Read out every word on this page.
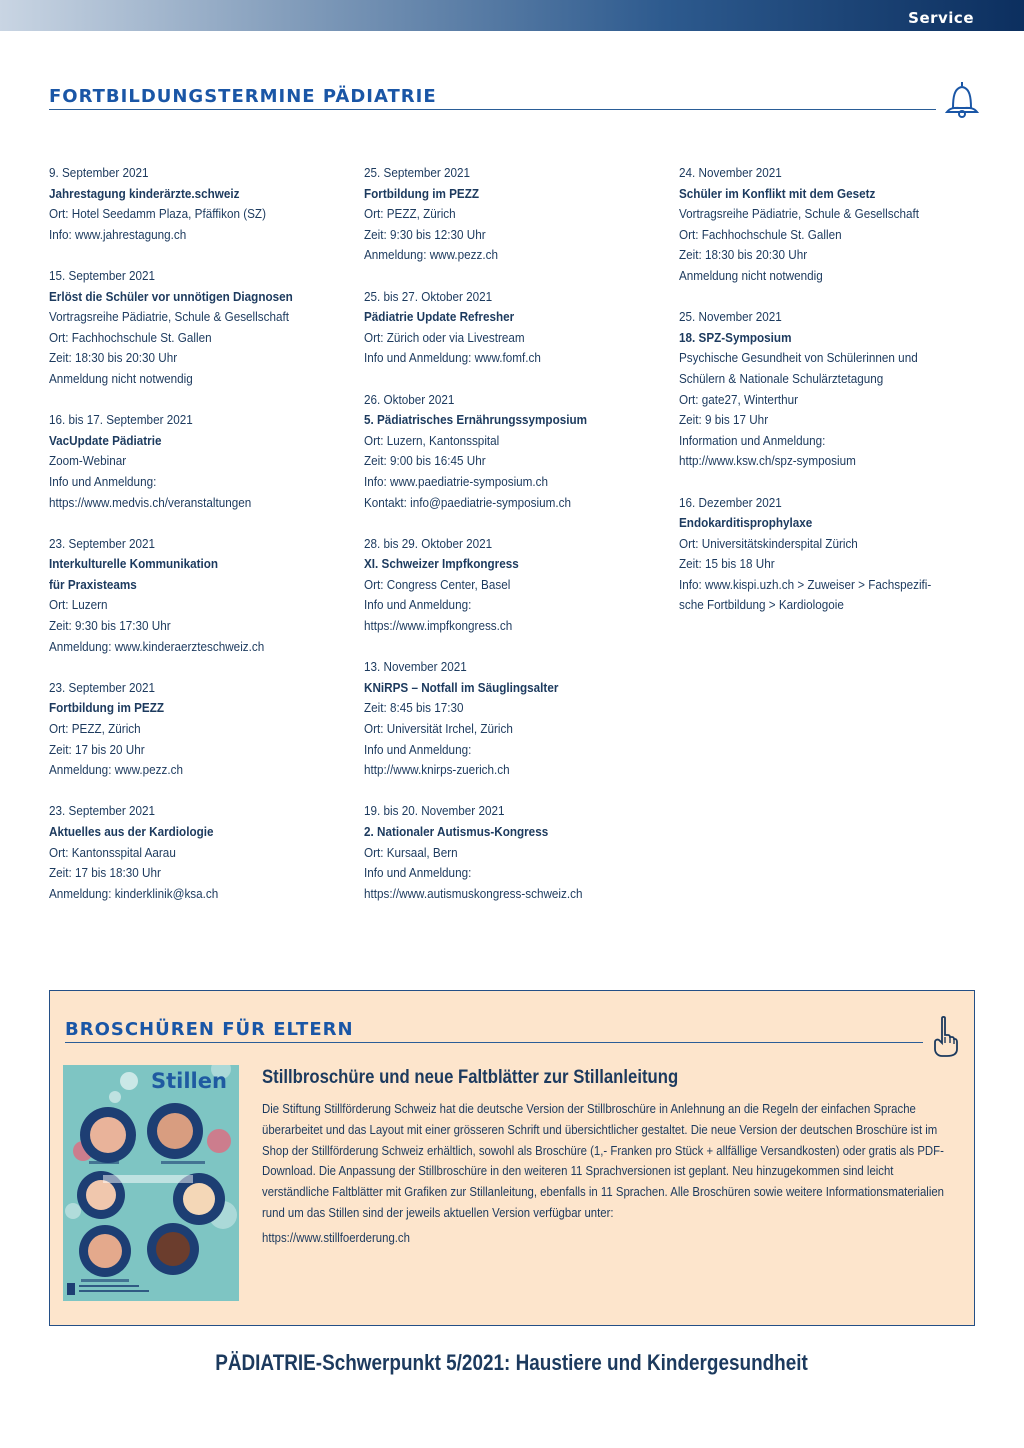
Service
FORTBILDUNGSTERMINE PÄDIATRIE
9. September 2021
Jahrestagung kinderärzte.schweiz
Ort: Hotel Seedamm Plaza, Pfäffikon (SZ)
Info: www.jahrestagung.ch
15. September 2021
Erlöst die Schüler vor unnötigen Diagnosen
Vortragsreihe Pädiatrie, Schule & Gesellschaft
Ort: Fachhochschule St. Gallen
Zeit: 18:30 bis 20:30 Uhr
Anmeldung nicht notwendig
16. bis 17. September 2021
VacUpdate Pädiatrie
Zoom-Webinar
Info und Anmeldung:
https://www.medvis.ch/veranstaltungen
23. September 2021
Interkulturelle Kommunikation
für Praxisteams
Ort: Luzern
Zeit: 9:30 bis 17:30 Uhr
Anmeldung: www.kinderaerzteschweiz.ch
23. September 2021
Fortbildung im PEZZ
Ort: PEZZ, Zürich
Zeit: 17 bis 20 Uhr
Anmeldung: www.pezz.ch
23. September 2021
Aktuelles aus der Kardiologie
Ort: Kantonsspital Aarau
Zeit: 17 bis 18:30 Uhr
Anmeldung: kinderklinik@ksa.ch
25. September 2021
Fortbildung im PEZZ
Ort: PEZZ, Zürich
Zeit: 9:30 bis 12:30 Uhr
Anmeldung: www.pezz.ch
25. bis 27. Oktober 2021
Pädiatrie Update Refresher
Ort: Zürich oder via Livestream
Info und Anmeldung: www.fomf.ch
26. Oktober 2021
5. Pädiatrisches Ernährungssymposium
Ort: Luzern, Kantonsspital
Zeit: 9:00 bis 16:45 Uhr
Info: www.paediatrie-symposium.ch
Kontakt: info@paediatrie-symposium.ch
28. bis 29. Oktober 2021
XI. Schweizer Impfkongress
Ort: Congress Center, Basel
Info und Anmeldung:
https://www.impfkongress.ch
13. November 2021
KNiRPS – Notfall im Säuglingsalter
Zeit: 8:45 bis 17:30
Ort: Universität Irchel, Zürich
Info und Anmeldung:
http://www.knirps-zuerich.ch
19. bis 20. November 2021
2. Nationaler Autismus-Kongress
Ort: Kursaal, Bern
Info und Anmeldung:
https://www.autismuskongress-schweiz.ch
24. November 2021
Schüler im Konflikt mit dem Gesetz
Vortragsreihe Pädiatrie, Schule & Gesellschaft
Ort: Fachhochschule St. Gallen
Zeit: 18:30 bis 20:30 Uhr
Anmeldung nicht notwendig
25. November 2021
18. SPZ-Symposium
Psychische Gesundheit von Schülerinnen und
Schülern & Nationale Schulärztetagung
Ort: gate27, Winterthur
Zeit: 9 bis 17 Uhr
Information und Anmeldung:
http://www.ksw.ch/spz-symposium
16. Dezember 2021
Endokarditisprophylaxe
Ort: Universitätskinderspital Zürich
Zeit: 15 bis 18 Uhr
Info: www.kispi.uzh.ch > Zuweiser > Fachspezifi-
sche Fortbildung > Kardiologoie
BROSCHÜREN FÜR ELTERN
Stillen Stillbroschüre und neue Faltblätter zur Stillanleitung

Die Stiftung Stillförderung Schweiz hat die deutsche Version der Stillbroschüre in Anlehnung an die Regeln der einfachen Sprache überarbeitet und das Layout mit einer grösseren Schrift und übersichtlicher gestaltet. Die neue Version der deutschen Broschüre ist im Shop der Stillförderung Schweiz erhältlich, sowohl als Broschüre (1,- Franken pro Stück + allfällige Versandkosten) oder gratis als PDF-Download. Die Anpassung der Stillbroschüre in den weiteren 11 Sprachversionen ist geplant. Neu hinzugekommen sind leicht verständliche Faltblätter mit Grafiken zur Stillanleitung, ebenfalls in 11 Sprachen. Alle Broschüren sowie weitere Informationsmaterialien rund um das Stillen sind der jeweils aktuellen Version verfügbar unter:

https://www.stillfoerderung.ch

PÄDIATRIE-Schwerpunkt 5/2021: Haustiere und Kindergesundheit
